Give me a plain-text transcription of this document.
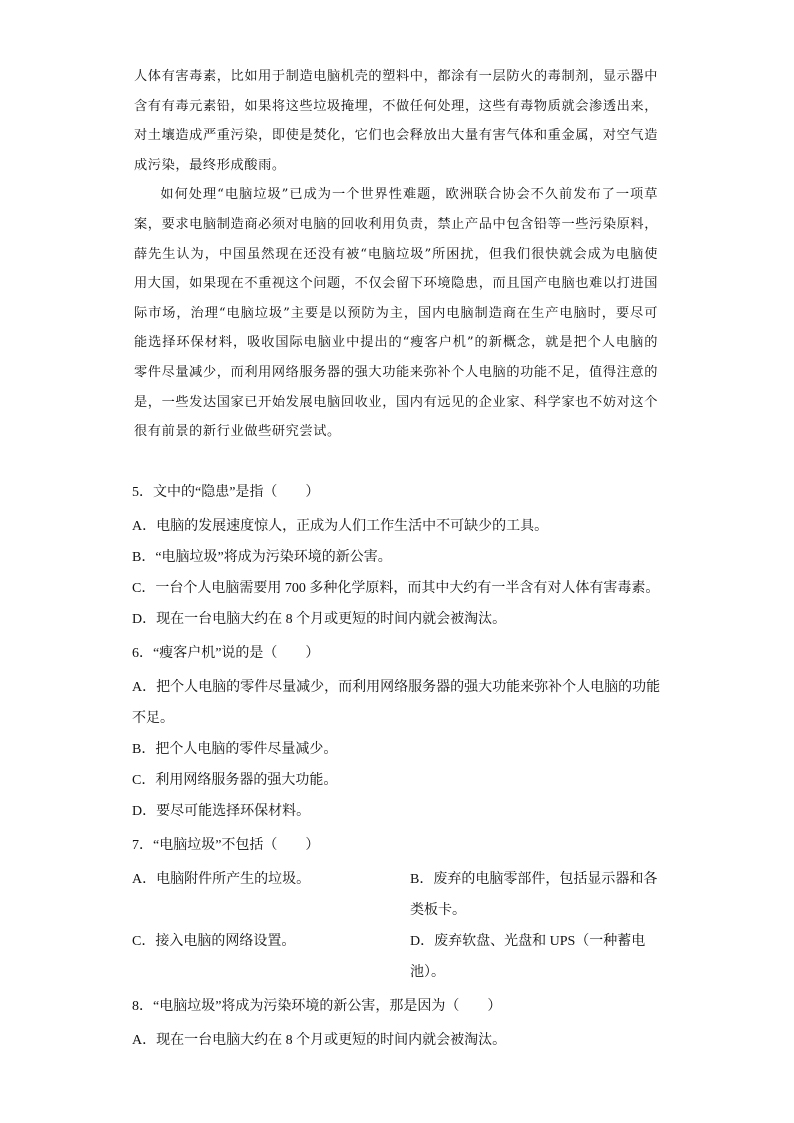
人体有害毒素，比如用于制造电脑机壳的塑料中，都涂有一层防火的毒制剂，显示器中含有有毒元素铅，如果将这些垃圾掩埋，不做任何处理，这些有毒物质就会渗透出来，对土壤造成严重污染，即使是焚化，它们也会释放出大量有害气体和重金属，对空气造成污染，最终形成酸雨。

如何处理“电脑垃圾”已成为一个世界性难题，欧洲联合协会不久前发布了一项草案，要求电脑制造商必须对电脑的回收利用负责，禁止产品中包含铅等一些污染原料，薛先生认为，中国虽然现在还没有被“电脑垃圾”所困扰，但我们很快就会成为电脑使用大国，如果现在不重视这个问题，不仅会留下环境隐患，而且国产电脑也难以打进国际市场，治理“电脑垃圾”主要是以预防为主，国内电脑制造商在生产电脑时，要尽可能选择环保材料，吸收国际电脑业中提出的“瘦客户机”的新概念，就是把个人电脑的零件尽量减少，而利用网络服务器的强大功能来弥补个人电脑的功能不足，值得注意的是，一些发达国家已开始发展电脑回收业，国内有远见的企业家、科学家也不妨对这个很有前景的新行业做些研究尝试。

5．文中的“隐患”是指（　　）

A．电脑的发展速度惊人，正成为人们工作生活中不可缺少的工具。

B．“电脑垃圾”将成为污染环境的新公害。

C．一台个人电脑需要用 700 多种化学原料，而其中大约有一半含有对人体有害毒素。

D．现在一台电脑大约在 8 个月或更短的时间内就会被淘汰。

6．“瘦客户机”说的是（　　）

A．把个人电脑的零件尽量减少，而利用网络服务器的强大功能来弥补个人电脑的功能不足。

B．把个人电脑的零件尽量减少。

C．利用网络服务器的强大功能。

D．要尽可能选择环保材料。

7．“电脑垃圾”不包括（　　）

A．电脑附件所产生的垃圾。	B．废弃的电脑零部件，包括显示器和各类板卡。
C．接入电脑的网络设置。	D．废弃软盘、光盘和 UPS（一种蓄电池）。

8．“电脑垃圾”将成为污染环境的新公害，那是因为（　　）

A．现在一台电脑大约在 8 个月或更短的时间内就会被淘汰。
